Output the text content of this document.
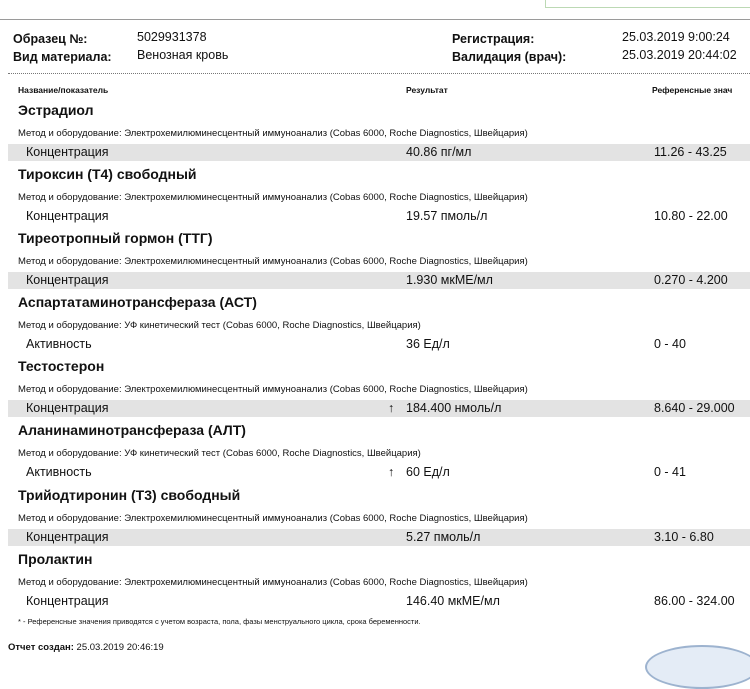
Образец №:	5029931378
Вид материала: Венозная кровь
Регистрация:	25.03.2019 9:00:24
Валидация (врач):	25.03.2019 20:44:02
Название/показатель	Результат	Референсные знач
Эстрадиол
Метод и оборудование: Электрохемилюминесцентный иммуноанализ (Cobas 6000, Roche Diagnostics, Швейцария)
Концентрация	40.86 пг/мл	11.26 - 43.25
Тироксин (Т4) свободный
Метод и оборудование: Электрохемилюминесцентный иммуноанализ (Cobas 6000, Roche Diagnostics, Швейцария)
Концентрация	19.57 пмоль/л	10.80 - 22.00
Тиреотропный гормон (ТТГ)
Метод и оборудование: Электрохемилюминесцентный иммуноанализ (Cobas 6000, Roche Diagnostics, Швейцария)
Концентрация	1.930 мкМЕ/мл	0.270 - 4.200
Аспартатаминотрансфераза (АСТ)
Метод и оборудование: УФ кинетический тест (Cobas 6000, Roche Diagnostics, Швейцария)
Активность	36 Ед/л	0 - 40
Тестостерон
Метод и оборудование: Электрохемилюминесцентный иммуноанализ (Cobas 6000, Roche Diagnostics, Швейцария)
Концентрация	↑ 184.400 нмоль/л	8.640 - 29.000
Аланинаминотрансфераза (АЛТ)
Метод и оборудование: УФ кинетический тест (Cobas 6000, Roche Diagnostics, Швейцария)
Активность	↑ 60 Ед/л	0 - 41
Трийодтиронин (Т3) свободный
Метод и оборудование: Электрохемилюминесцентный иммуноанализ (Cobas 6000, Roche Diagnostics, Швейцария)
Концентрация	5.27 пмоль/л	3.10 - 6.80
Пролактин
Метод и оборудование: Электрохемилюминесцентный иммуноанализ (Cobas 6000, Roche Diagnostics, Швейцария)
Концентрация	146.40 мкМЕ/мл	86.00 - 324.00
* - Референсные значения приводятся с учетом возраста, пола, фазы менструального цикла, срока беременности.
Отчет создан: 25.03.2019 20:46:19
